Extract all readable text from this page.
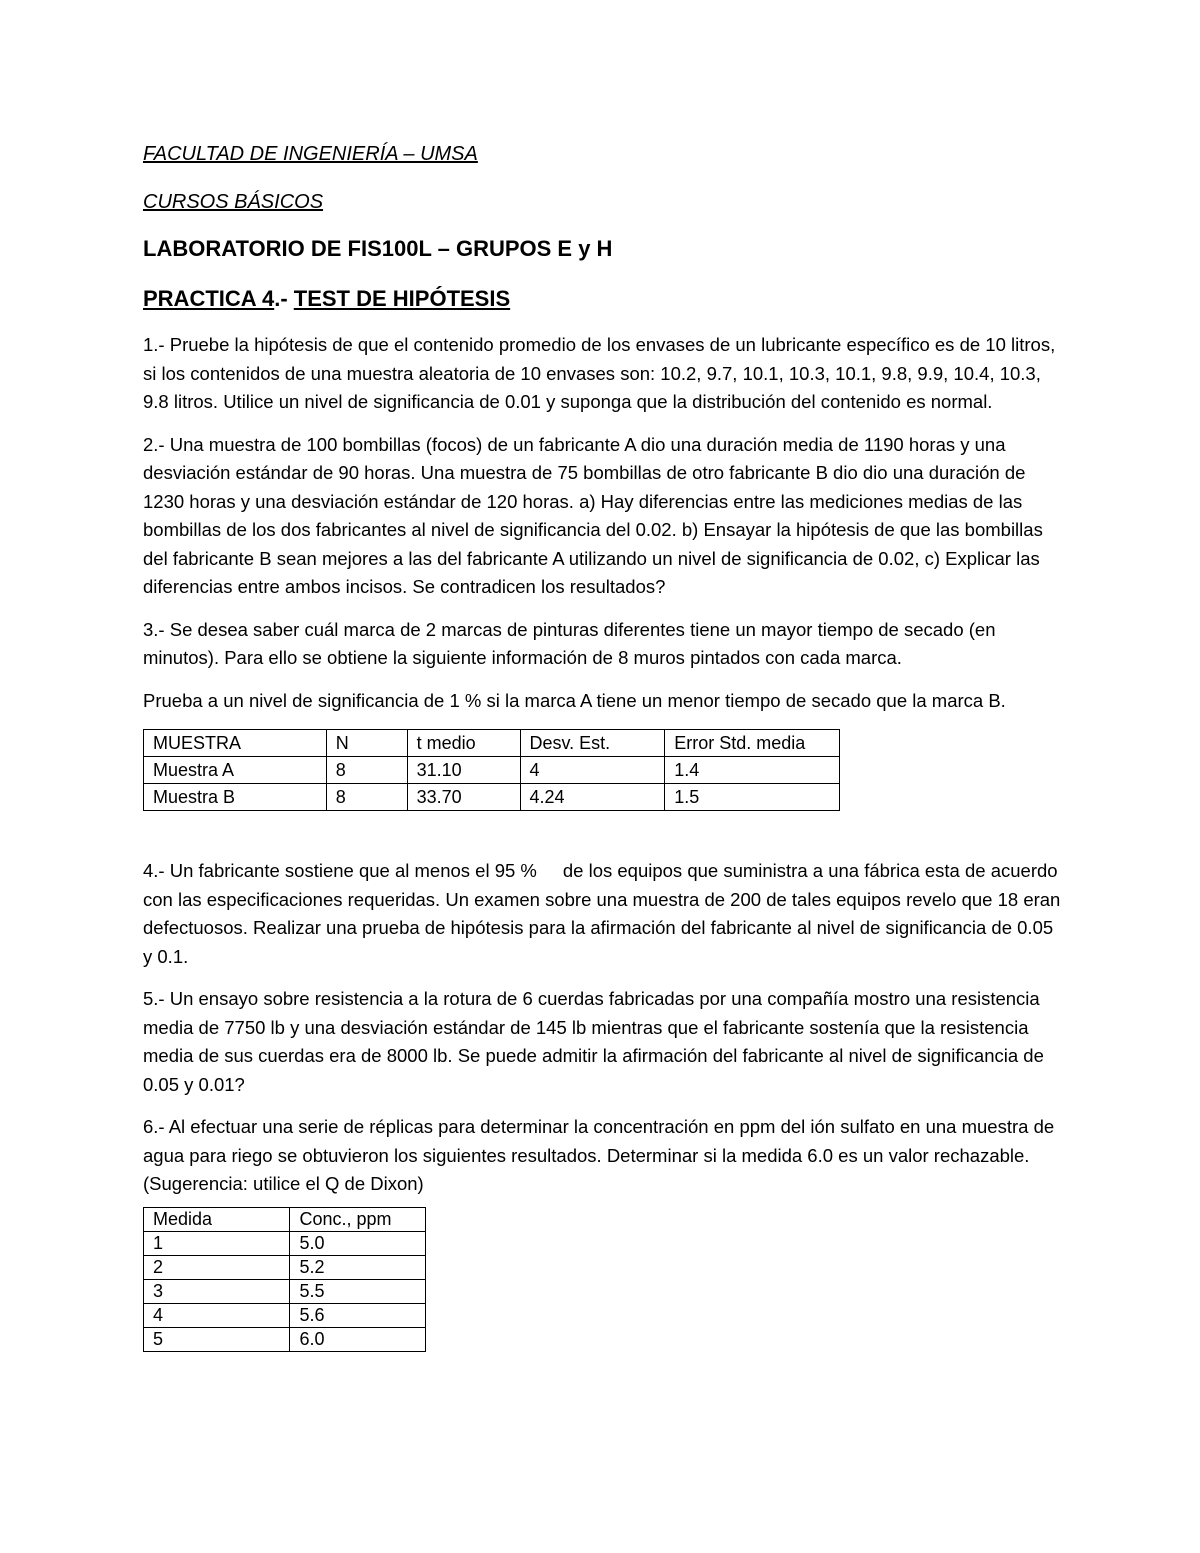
FACULTAD DE INGENIERÍA – UMSA
CURSOS BÁSICOS
LABORATORIO DE FIS100L – GRUPOS E y H
PRACTICA 4.- TEST DE HIPÓTESIS

1.- Pruebe la hipótesis de que el contenido promedio de los envases de un lubricante específico es de 10 litros, si los contenidos de una muestra aleatoria de 10 envases son: 10.2, 9.7, 10.1, 10.3, 10.1, 9.8, 9.9, 10.4, 10.3, 9.8 litros. Utilice un nivel de significancia de 0.01 y suponga que la distribución del contenido es normal.

2.- Una muestra de 100 bombillas (focos) de un fabricante A dio una duración media de 1190 horas y una desviación estándar de 90 horas. Una muestra de 75 bombillas de otro fabricante B dio dio una duración de 1230 horas y una desviación estándar de 120 horas. a) Hay diferencias entre las mediciones medias de las bombillas de los dos fabricantes al nivel de significancia del 0.02. b) Ensayar la hipótesis de que las bombillas del fabricante B sean mejores a las del fabricante A utilizando un nivel de significancia de 0.02, c) Explicar las diferencias entre ambos incisos. Se contradicen los resultados?

3.- Se desea saber cuál marca de 2 marcas de pinturas diferentes tiene un mayor tiempo de secado (en minutos). Para ello se obtiene la siguiente información de 8 muros pintados con cada marca.

Prueba a un nivel de significancia de 1 % si la marca A tiene un menor tiempo de secado que la marca B.

MUESTRA	N	t medio	Desv. Est.	Error Std. media
Muestra A	8	31.10	4	1.4
Muestra B	8	33.70	4.24	1.5

4.- Un fabricante sostiene que al menos el 95 % de los equipos que suministra a una fábrica esta de acuerdo con las especificaciones requeridas. Un examen sobre una muestra de 200 de tales equipos revelo que 18 eran defectuosos. Realizar una prueba de hipótesis para la afirmación del fabricante al nivel de significancia de 0.05 y 0.1.

5.- Un ensayo sobre resistencia a la rotura de 6 cuerdas fabricadas por una compañía mostro una resistencia media de 7750 lb y una desviación estándar de 145 lb mientras que el fabricante sostenía que la resistencia media de sus cuerdas era de 8000 lb. Se puede admitir la afirmación del fabricante al nivel de significancia de 0.05 y 0.01?

6.- Al efectuar una serie de réplicas para determinar la concentración en ppm del ión sulfato en una muestra de agua para riego se obtuvieron los siguientes resultados. Determinar si la medida 6.0 es un valor rechazable. (Sugerencia: utilice el Q de Dixon)

Medida	Conc., ppm
1	5.0
2	5.2
3	5.5
4	5.6
5	6.0
